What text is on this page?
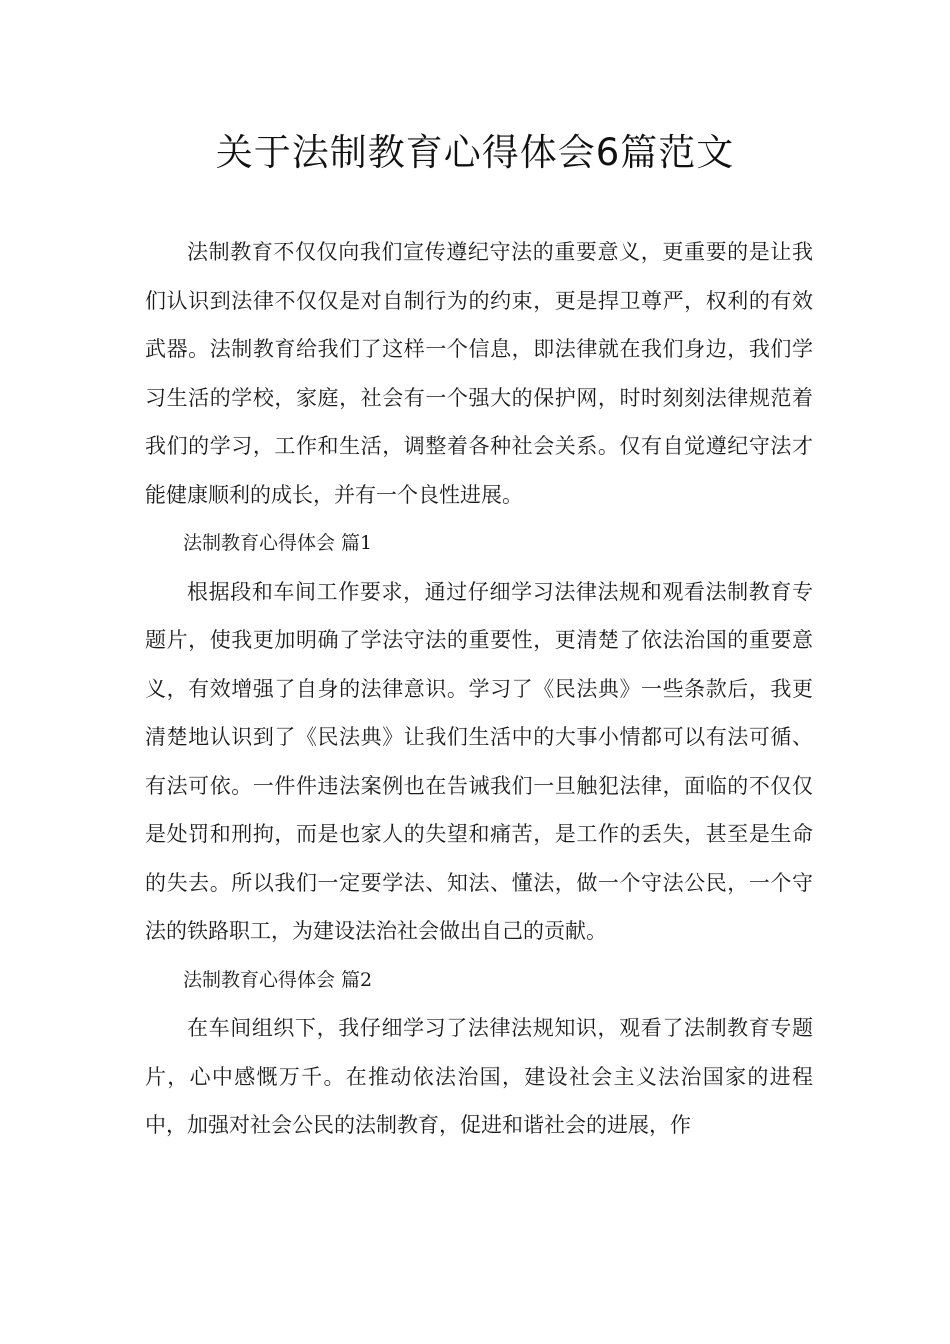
关于法制教育心得体会6篇范文

法制教育不仅仅向我们宣传遵纪守法的重要意义，更重要的是让我们认识到法律不仅仅是对自制行为的约束，更是捍卫尊严，权利的有效武器。法制教育给我们了这样一个信息，即法律就在我们身边，我们学习生活的学校，家庭，社会有一个强大的保护网，时时刻刻法律规范着我们的学习，工作和生活，调整着各种社会关系。仅有自觉遵纪守法才能健康顺利的成长，并有一个良性进展。

法制教育心得体会 篇1

根据段和车间工作要求，通过仔细学习法律法规和观看法制教育专题片，使我更加明确了学法守法的重要性，更清楚了依法治国的重要意义，有效增强了自身的法律意识。学习了《民法典》一些条款后，我更清楚地认识到了《民法典》让我们生活中的大事小情都可以有法可循、有法可依。一件件违法案例也在告诫我们一旦触犯法律，面临的不仅仅是处罚和刑拘，而是也家人的失望和痛苦，是工作的丢失，甚至是生命的失去。所以我们一定要学法、知法、懂法，做一个守法公民，一个守法的铁路职工，为建设法治社会做出自己的贡献。

法制教育心得体会 篇2

在车间组织下，我仔细学习了法律法规知识，观看了法制教育专题片，心中感慨万千。在推动依法治国，建设社会主义法治国家的进程中，加强对社会公民的法制教育，促进和谐社会的进展，作
